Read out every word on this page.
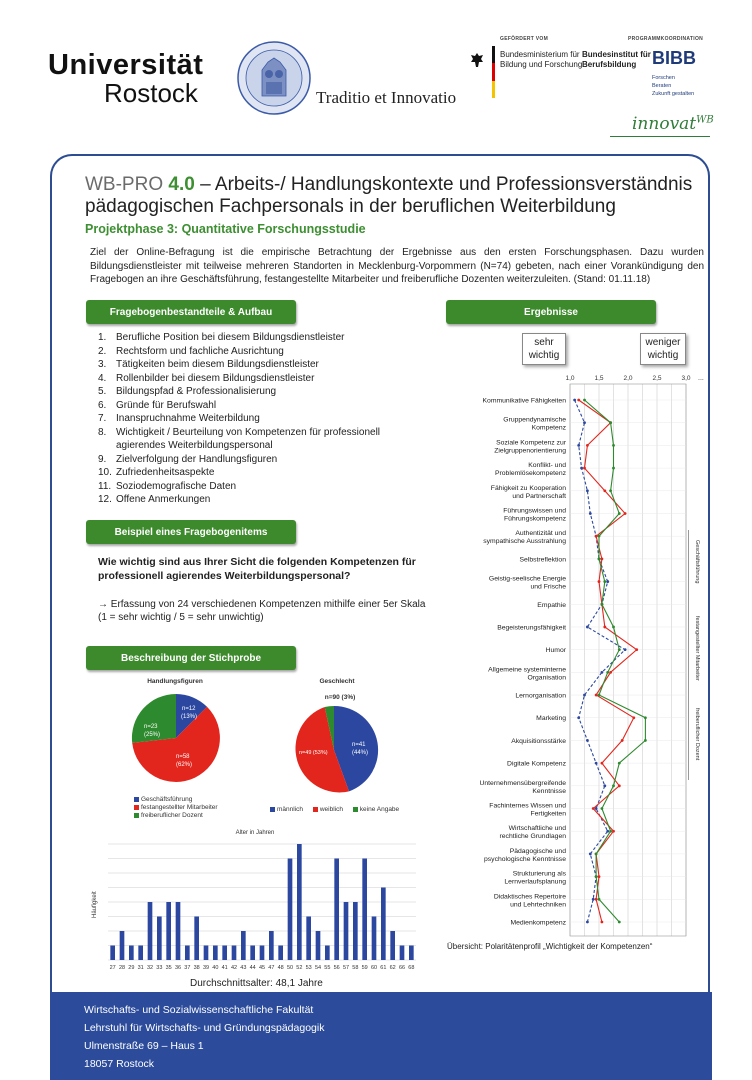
Universität
Rostock	Traditio et Innovatio
GEFÖRDERT VOM
Bundesministerium für Bildung und Forschung
PROGRAMMKOORDINATION
Bundesinstitut für Berufsbildung BIBB
Forschen
Beraten
Zukunft gestalten
innovat$^{WB}$
WB-PRO 4.0 – Arbeits-/ Handlungskontexte und Professionsverständnis pädagogischen Fachpersonals in der beruflichen Weiterbildung
Projektphase 3: Quantitative Forschungsstudie
Ziel der Online-Befragung ist die empirische Betrachtung der Ergebnisse aus den ersten Forschungsphasen. Dazu wurden Bildungsdienstleister mit teilweise mehreren Standorten in Mecklenburg-Vorpommern (N=74) gebeten, nach einer Vorankündigung den Fragebogen an ihre Geschäftsführung, festangestellte Mitarbeiter und freiberufliche Dozenten weiterzuleiten. (Stand: 01.11.18)
Fragebogenbestandteile & Aufbau	Ergebnisse
Beispiel eines Fragebogenitems
Beschreibung der Stichprobe
1. Berufliche Position bei diesem Bildungsdienstleister
2. Rechtsform und fachliche Ausrichtung
3. Tätigkeiten beim diesem Bildungsdienstleister
4. Rollenbilder bei diesem Bildungsdienstleister
5. Bildungspfad & Professionalisierung
6. Gründe für Berufswahl
7. Inanspruchnahme Weiterbildung
8. Wichtigkeit / Beurteilung von Kompetenzen für professionell agierendes Weiterbildungspersonal
9. Zielverfolgung der Handlungsfiguren
10. Zufriedenheitsaspekte
11. Soziodemografische Daten
12. Offene Anmerkungen
Wie wichtig sind aus Ihrer Sicht die folgenden Kompetenzen für professionell agierendes Weiterbildungspersonal?
→ Erfassung von 24 verschiedenen Kompetenzen mithilfe einer 5er Skala
(1 = sehr wichtig / 5 = sehr unwichtig)
Handlungsfiguren
n=12
(13%)
n=58
(62%)
n=23
(25%)
Geschäftsführung
festangestellter Mitarbeiter
freiberuflicher Dozent
Geschlecht
n=90 (3%)
n=41
(44%)
n=49 (53%)
männlich	weiblich	keine Angabe
Alter in Jahren
Häufigkeit
27 28 29 31 32 33 35 36 37 38 39 40 41 42 43 44 45 47 48 50 52 53 54 55 56 57 58 59 60 61 62 66 68
Durchschnittsalter: 48,1 Jahre
sehr wichtig
weniger wichtig
1,0	1,5	2,0	2,5	3,0
Kommunikative Fähigkeiten
Gruppendynamische Kompetenz
Soziale Kompetenz zur Zielgruppenorientierung
Konflikt- und Problemlösekompetenz
Fähigkeit zu Kooperation und Partnerschaft
Führungswissen und Führungskompetenz
Authentizität und sympathische Ausstrahlung
Selbstreflektion
Geistig-seelische Energie und Frische
Empathie
Begeisterungsfähigkeit
Humor
Allgemeine systeminterne Organisation
Lernorganisation
Marketing
Akquisitionsstärke
Digitale Kompetenz
Unternehmensübergreifende Kenntnisse
Fachinternes Wissen und Fertigkeiten
Wirtschaftliche und rechtliche Grundlagen
Pädagogische und psychologische Kenntnisse
Strukturierung als Lernverlaufsplanung
Didaktisches Repertoire und Lehrtechniken
Medienkompetenz
...
Übersicht: Polaritätenprofil „Wichtigkeit der Kompetenzen“
Geschäftsführung
festangestellter Mitarbeiter
freiberuflicher Dozent
Wirtschafts- und Sozialwissenschaftliche Fakultät
Lehrstuhl für Wirtschafts- und Gründungspädagogik
Ulmenstraße 69 – Haus 1
18057 Rostock
